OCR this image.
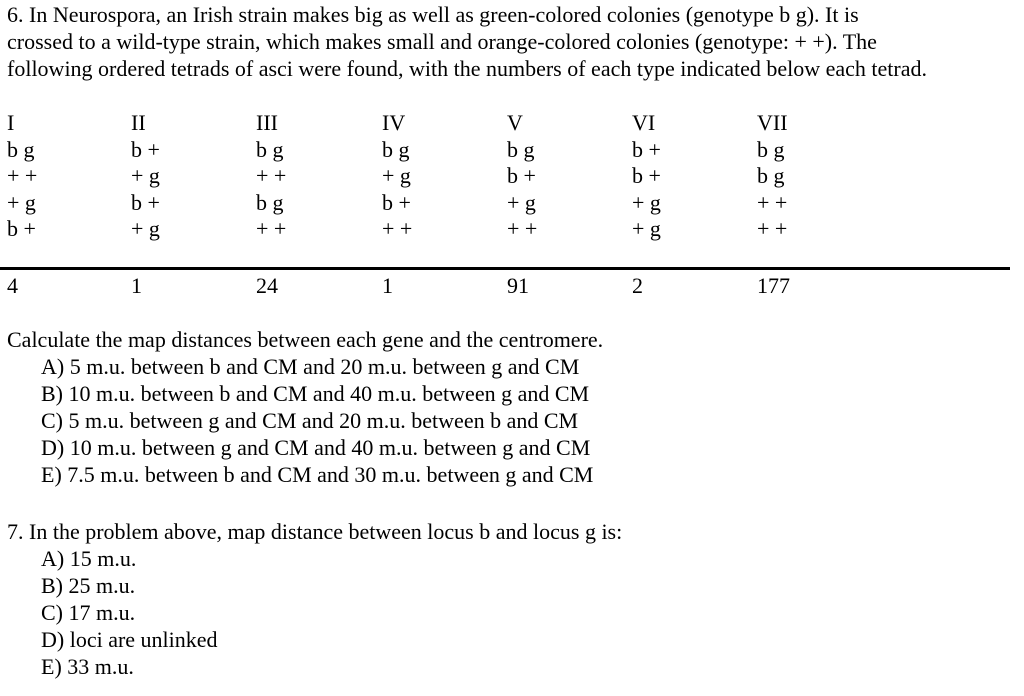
6. In Neurospora, an Irish strain makes big as well as green-colored colonies (genotype b g). It is
crossed to a wild-type strain, which makes small and orange-colored colonies (genotype: + +). The
following ordered tetrads of asci were found, with the numbers of each type indicated below each tetrad.
I
b g
+ +
+ g
b +
4
II
b +
+ g
b +
+ g
1
III
b g
+ +
b g
+ +
24
IV
b g
+ g
b +
+ +
1
V
b g
b +
+ g
+ +
91
VI
b +
b +
+ g
+ g
2
VII
b g
b g
+ +
+ +
177
Calculate the map distances between each gene and the centromere.
A) 5 m.u. between b and CM and 20 m.u. between g and CM
B) 10 m.u. between b and CM and 40 m.u. between g and CM
C) 5 m.u. between g and CM and 20 m.u. between b and CM
D) 10 m.u. between g and CM and 40 m.u. between g and CM
E) 7.5 m.u. between b and CM and 30 m.u. between g and CM
7. In the problem above, map distance between locus b and locus g is:
A) 15 m.u.
B) 25 m.u.
C) 17 m.u.
D) loci are unlinked
E) 33 m.u.
